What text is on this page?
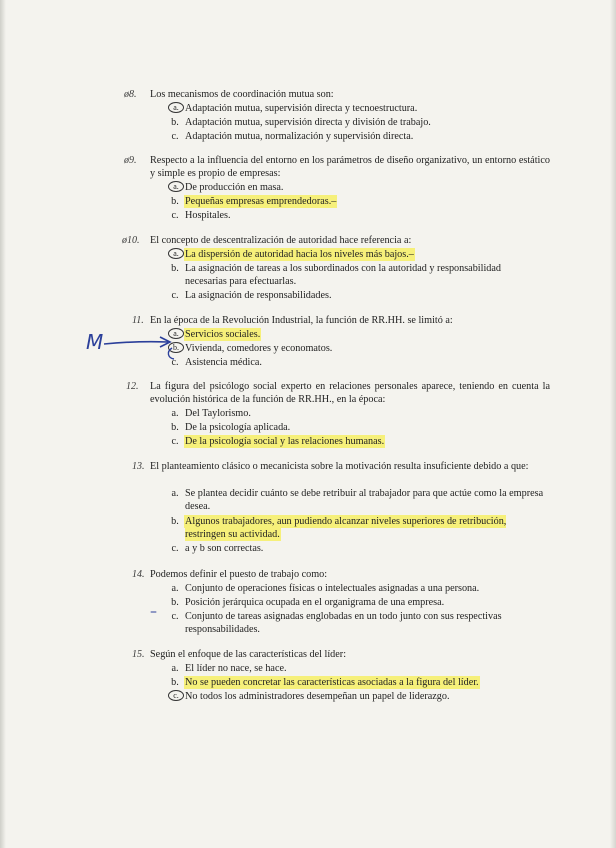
ø8. Los mecanismos de coordinación mutua son:
a. Adaptación mutua, supervisión directa y tecnoestructura.
b. Adaptación mutua, supervisión directa y división de trabajo.
c. Adaptación mutua, normalización y supervisión directa.
ø9. Respecto a la influencia del entorno en los parámetros de diseño organizativo, un entorno estático y simple es propio de empresas:
a. De producción en masa.
b. Pequeñas empresas emprendedoras.–
c. Hospitales.
ø10. El concepto de descentralización de autoridad hace referencia a:
a. La dispersión de autoridad hacia los niveles más bajos.–
b. La asignación de tareas a los subordinados con la autoridad y responsabilidad necesarias para efectuarlas.
c. La asignación de responsabilidades.
11. En la época de la Revolución Industrial, la función de RR.HH. se limitó a:
a. Servicios sociales.
b. Vivienda, comedores y economatos.
c. Asistencia médica.
M
12. La figura del psicólogo social experto en relaciones personales aparece, teniendo en cuenta la evolución histórica de la función de RR.HH., en la época:
a. Del Taylorismo.
b. De la psicología aplicada.
c. De la psicología social y las relaciones humanas.
13. El planteamiento clásico o mecanicista sobre la motivación resulta insuficiente debido a que:
a. Se plantea decidir cuánto se debe retribuir al trabajador para que actúe como la empresa desea.
b. Algunos trabajadores, aun pudiendo alcanzar niveles superiores de retribución, restringen su actividad.
c. a y b son correctas.
14. Podemos definir el puesto de trabajo como:
a. Conjunto de operaciones físicas o intelectuales asignadas a una persona.
b. Posición jerárquica ocupada en el organigrama de una empresa.
c. Conjunto de tareas asignadas englobadas en un todo junto con sus respectivas responsabilidades.
–
15. Según el enfoque de las características del líder:
a. El líder no nace, se hace.
b. No se pueden concretar las características asociadas a la figura del líder.
c. No todos los administradores desempeñan un papel de liderazgo.
